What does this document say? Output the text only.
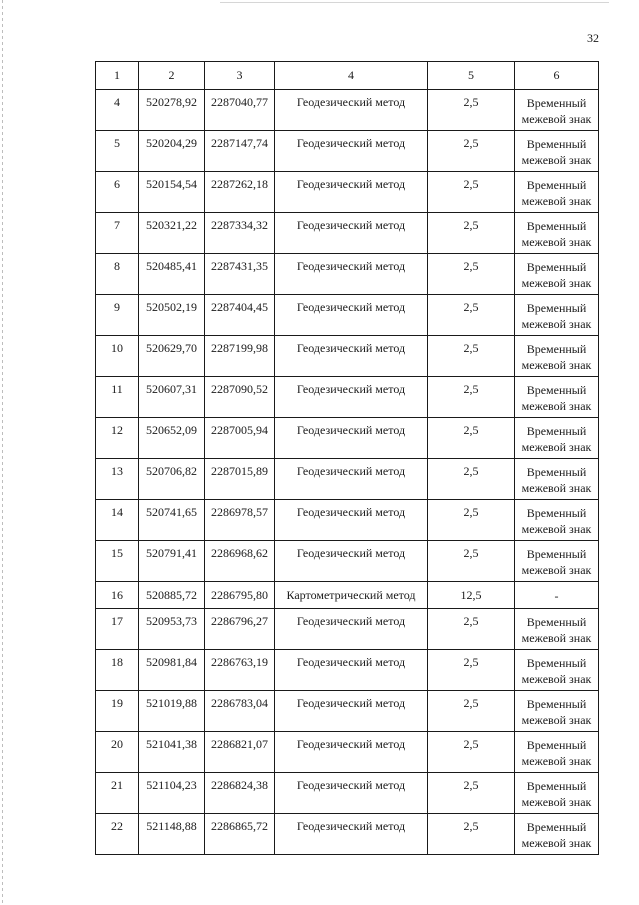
32
1	2	3	4	5	6
4	520278,92	2287040,77	Геодезический метод	2,5	Временный межевой знак
5	520204,29	2287147,74	Геодезический метод	2,5	Временный межевой знак
6	520154,54	2287262,18	Геодезический метод	2,5	Временный межевой знак
7	520321,22	2287334,32	Геодезический метод	2,5	Временный межевой знак
8	520485,41	2287431,35	Геодезический метод	2,5	Временный межевой знак
9	520502,19	2287404,45	Геодезический метод	2,5	Временный межевой знак
10	520629,70	2287199,98	Геодезический метод	2,5	Временный межевой знак
11	520607,31	2287090,52	Геодезический метод	2,5	Временный межевой знак
12	520652,09	2287005,94	Геодезический метод	2,5	Временный межевой знак
13	520706,82	2287015,89	Геодезический метод	2,5	Временный межевой знак
14	520741,65	2286978,57	Геодезический метод	2,5	Временный межевой знак
15	520791,41	2286968,62	Геодезический метод	2,5	Временный межевой знак
16	520885,72	2286795,80	Картометрический метод	12,5	-
17	520953,73	2286796,27	Геодезический метод	2,5	Временный межевой знак
18	520981,84	2286763,19	Геодезический метод	2,5	Временный межевой знак
19	521019,88	2286783,04	Геодезический метод	2,5	Временный межевой знак
20	521041,38	2286821,07	Геодезический метод	2,5	Временный межевой знак
21	521104,23	2286824,38	Геодезический метод	2,5	Временный межевой знак
22	521148,88	2286865,72	Геодезический метод	2,5	Временный межевой знак
